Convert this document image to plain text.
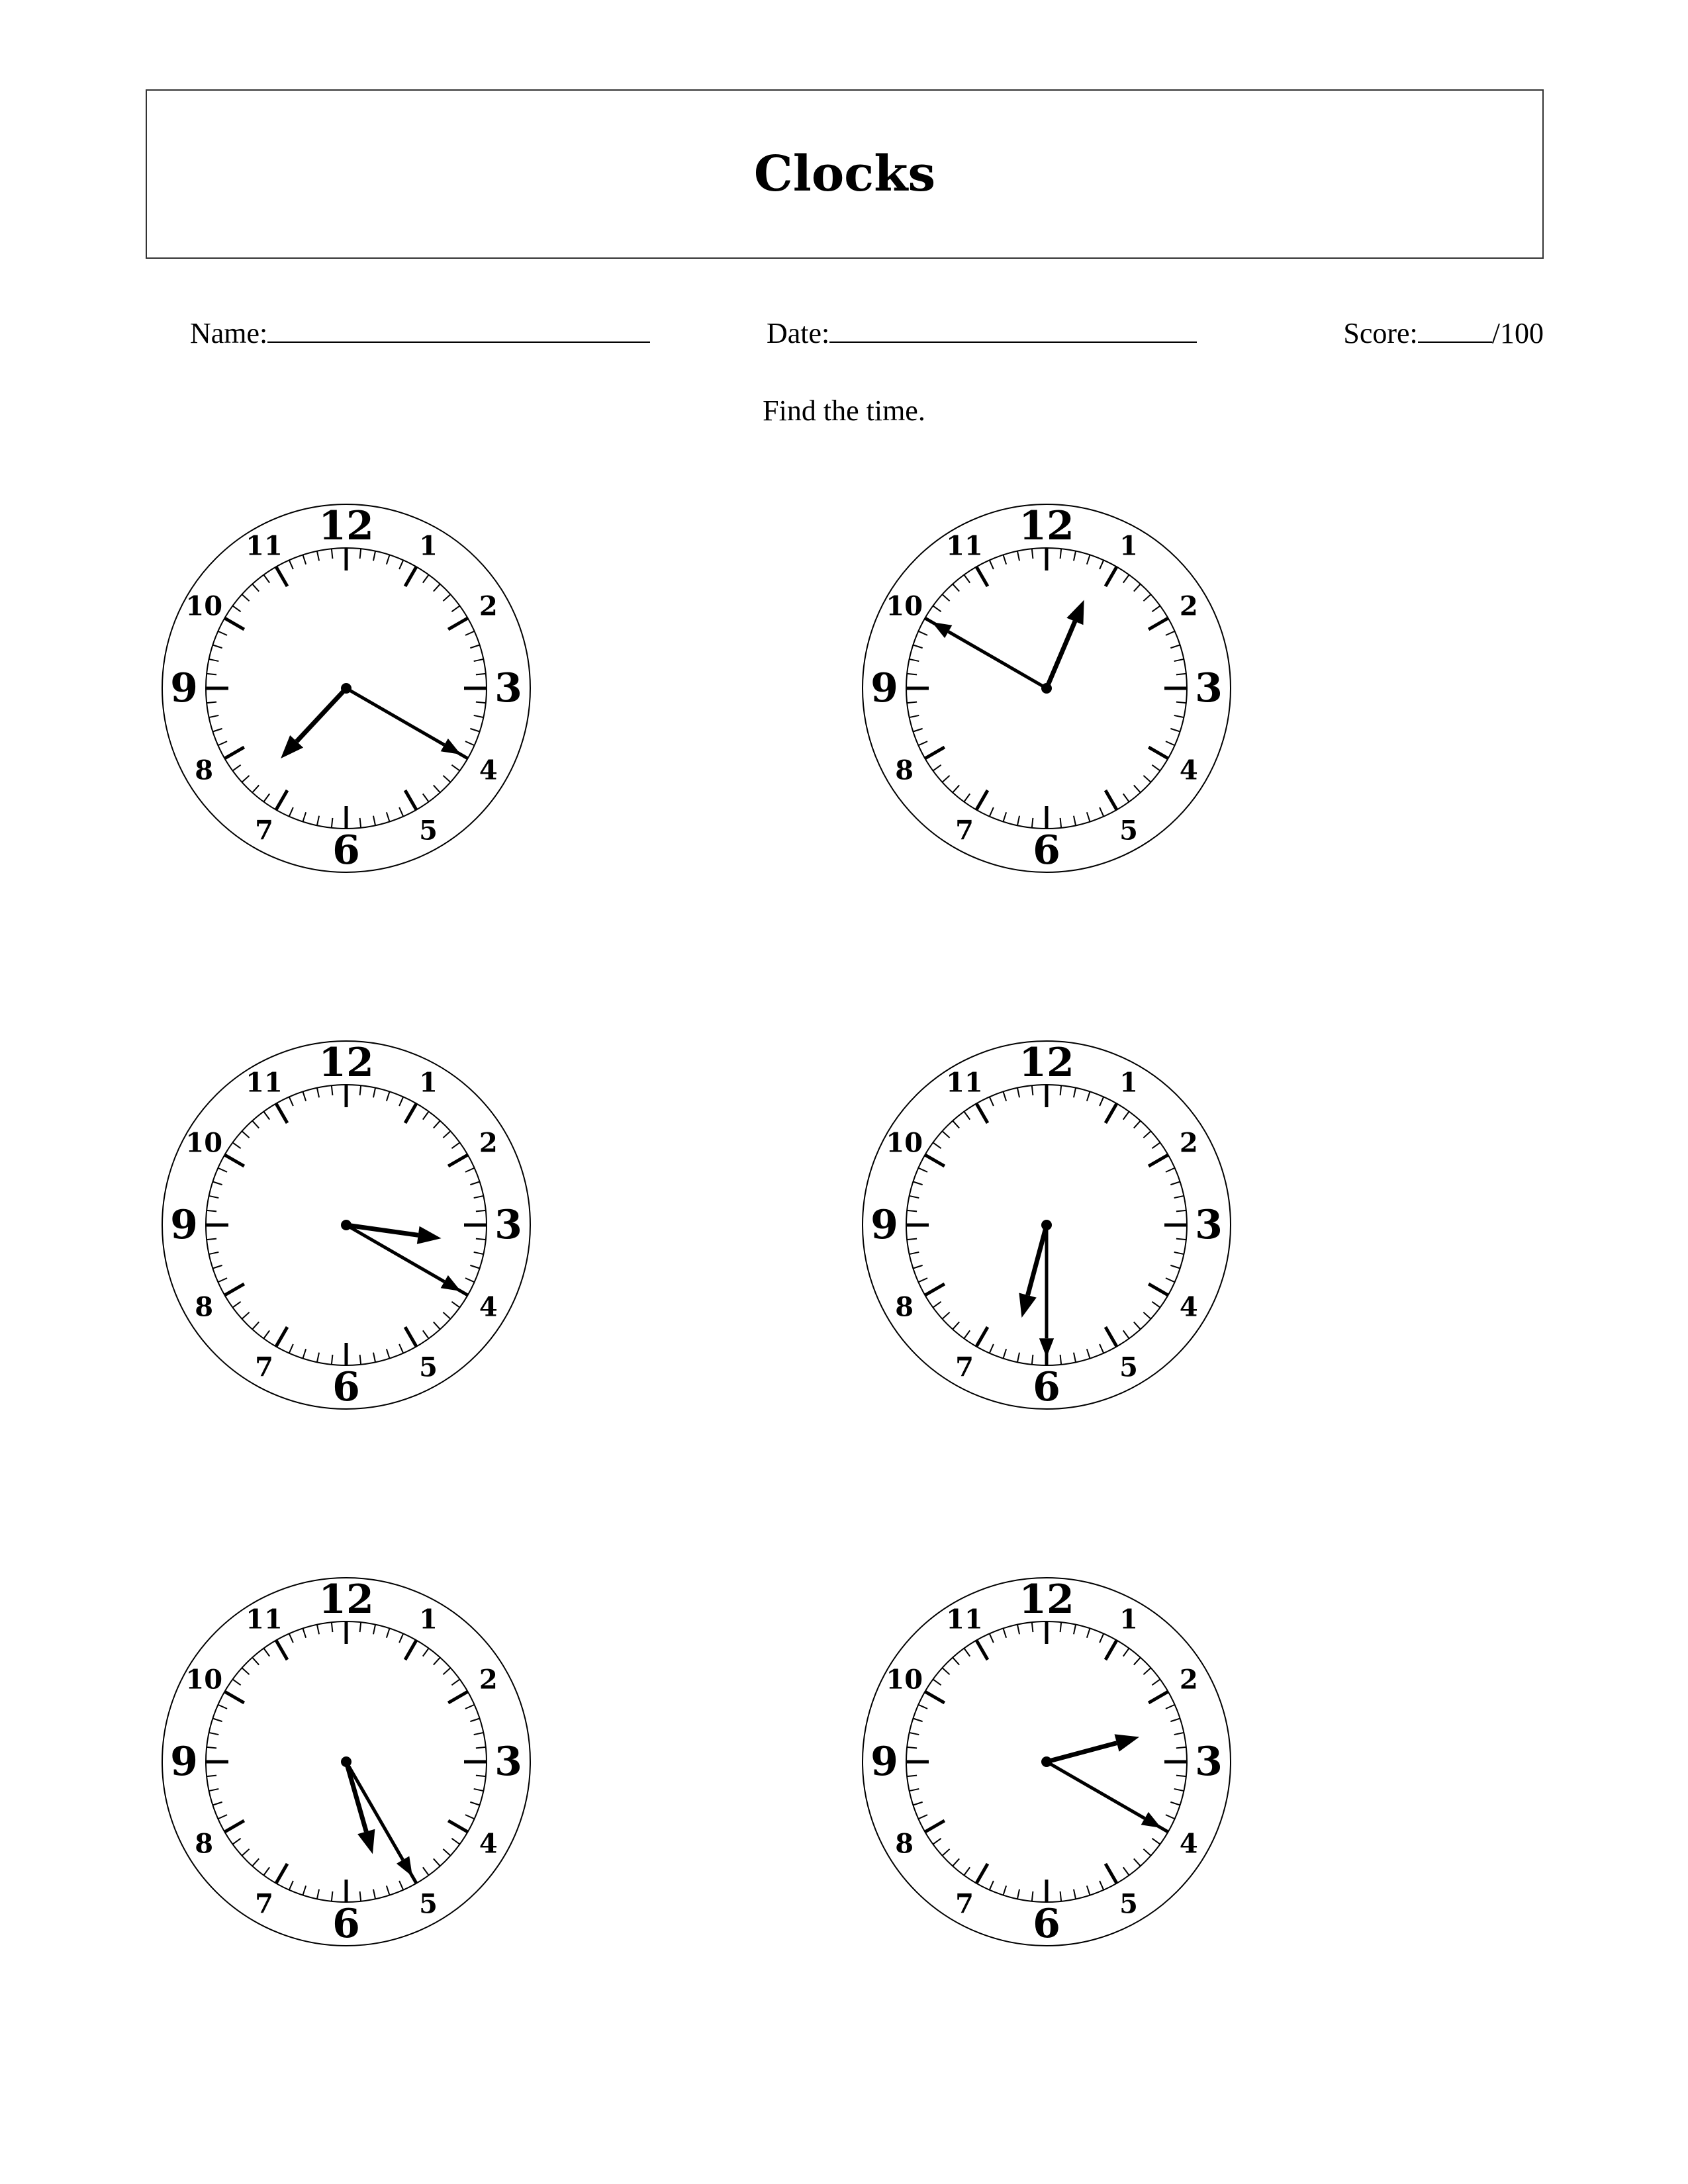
Clocks
Name:	Date:	Score:	/100
Find the time.
12 1
2
3
4
5
6
7
8
9
10
11	12 1
2
3
4
5
6
7
8
9
10
11
12 1
2
3
4
5
6
7
8
9
10
11	12 1
2
3
4
5
6
7
8
9
10
11
12 1
2
3
4
5
6
7
8
9
10
11	12 1
2
3
4
5
6
7
8
9
10
11
